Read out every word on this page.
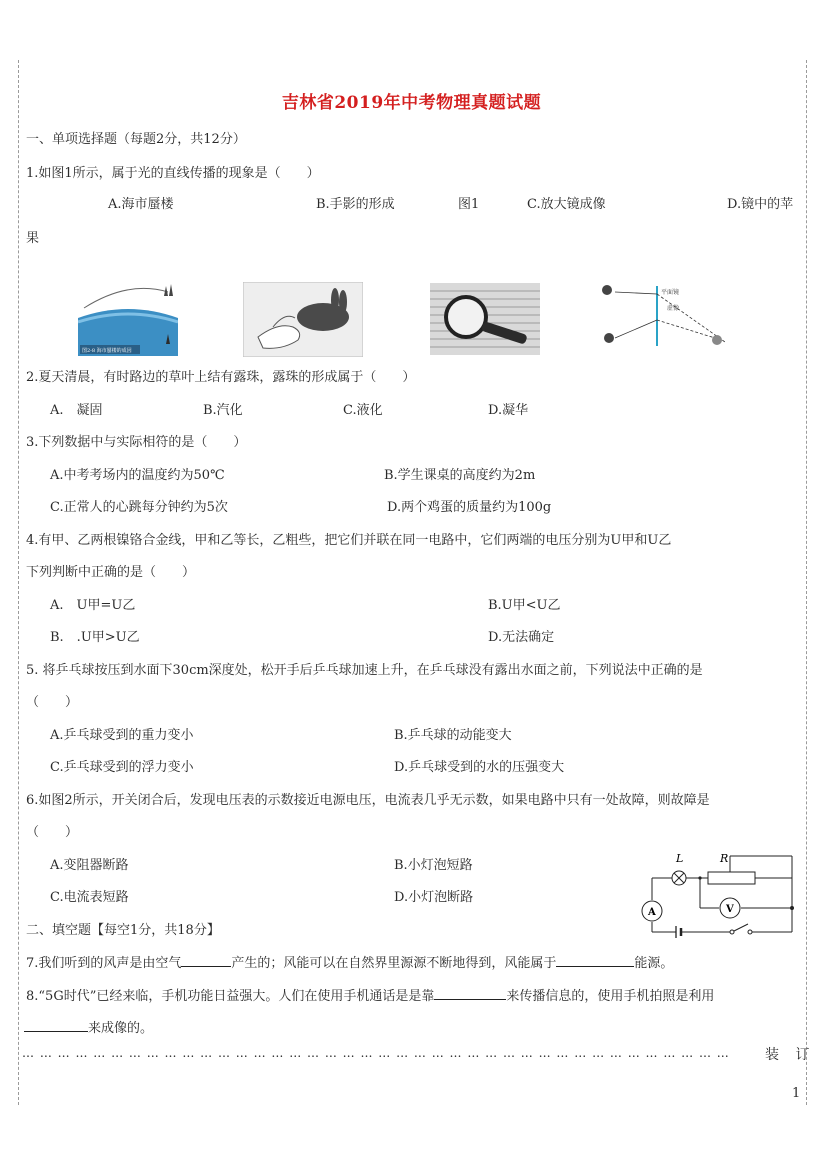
吉林省2019年中考物理真题试题
一、单项选择题（每题2分，共12分）
1.如图1所示，属于光的直线传播的现象是（　　）
A.海市蜃楼	B.手影的形成	图1	C.放大镜成像	D.镜中的苹
果
图2-8 海市蜃楼的成因
平面镜
虚像
2.夏天清晨，有时路边的草叶上结有露珠，露珠的形成属于（　　）
A.　凝固	B.汽化	C.液化	D.凝华
3.下列数据中与实际相符的是（　　）
A.中考考场内的温度约为50℃	B.学生课桌的高度约为2m
C.正常人的心跳每分钟约为5次	D.两个鸡蛋的质量约为100g
4.有甲、乙两根镍铬合金线，甲和乙等长，乙粗些，把它们并联在同一电路中，它们两端的电压分别为U甲和U乙
下列判断中正确的是（　　）
A.　U甲=U乙	B.U甲<U乙
B.　.U甲>U乙	D.无法确定
5. 将乒乓球按压到水面下30cm深度处，松开手后乒乓球加速上升，在乒乓球没有露出水面之前，下列说法中正确的是
（　　）
A.乒乓球受到的重力变小	B.乒乓球的动能变大
C.乒乓球受到的浮力变小	D.乒乓球受到的水的压强变大
6.如图2所示，开关闭合后，发现电压表的示数接近电源电压，电流表几乎无示数，如果电路中只有一处故障，则故障是
（　　）
A.变阻器断路	B.小灯泡短路
C.电流表短路	D.小灯泡断路
L	R
A	V
二、填空题【每空1分，共18分】
7.我们听到的风声是由空气	产生的；风能可以在自然界里源源不断地得到，风能属于	能源。
8.“5G时代”已经来临，手机功能日益强大。人们在使用手机通话是是靠	来传播信息的，使用手机拍照是利用
来成像的。
… … … … … … … … … … … … … … … … … … … … … … … … … … … … … … … … … … … … … … … …	装 订
1
